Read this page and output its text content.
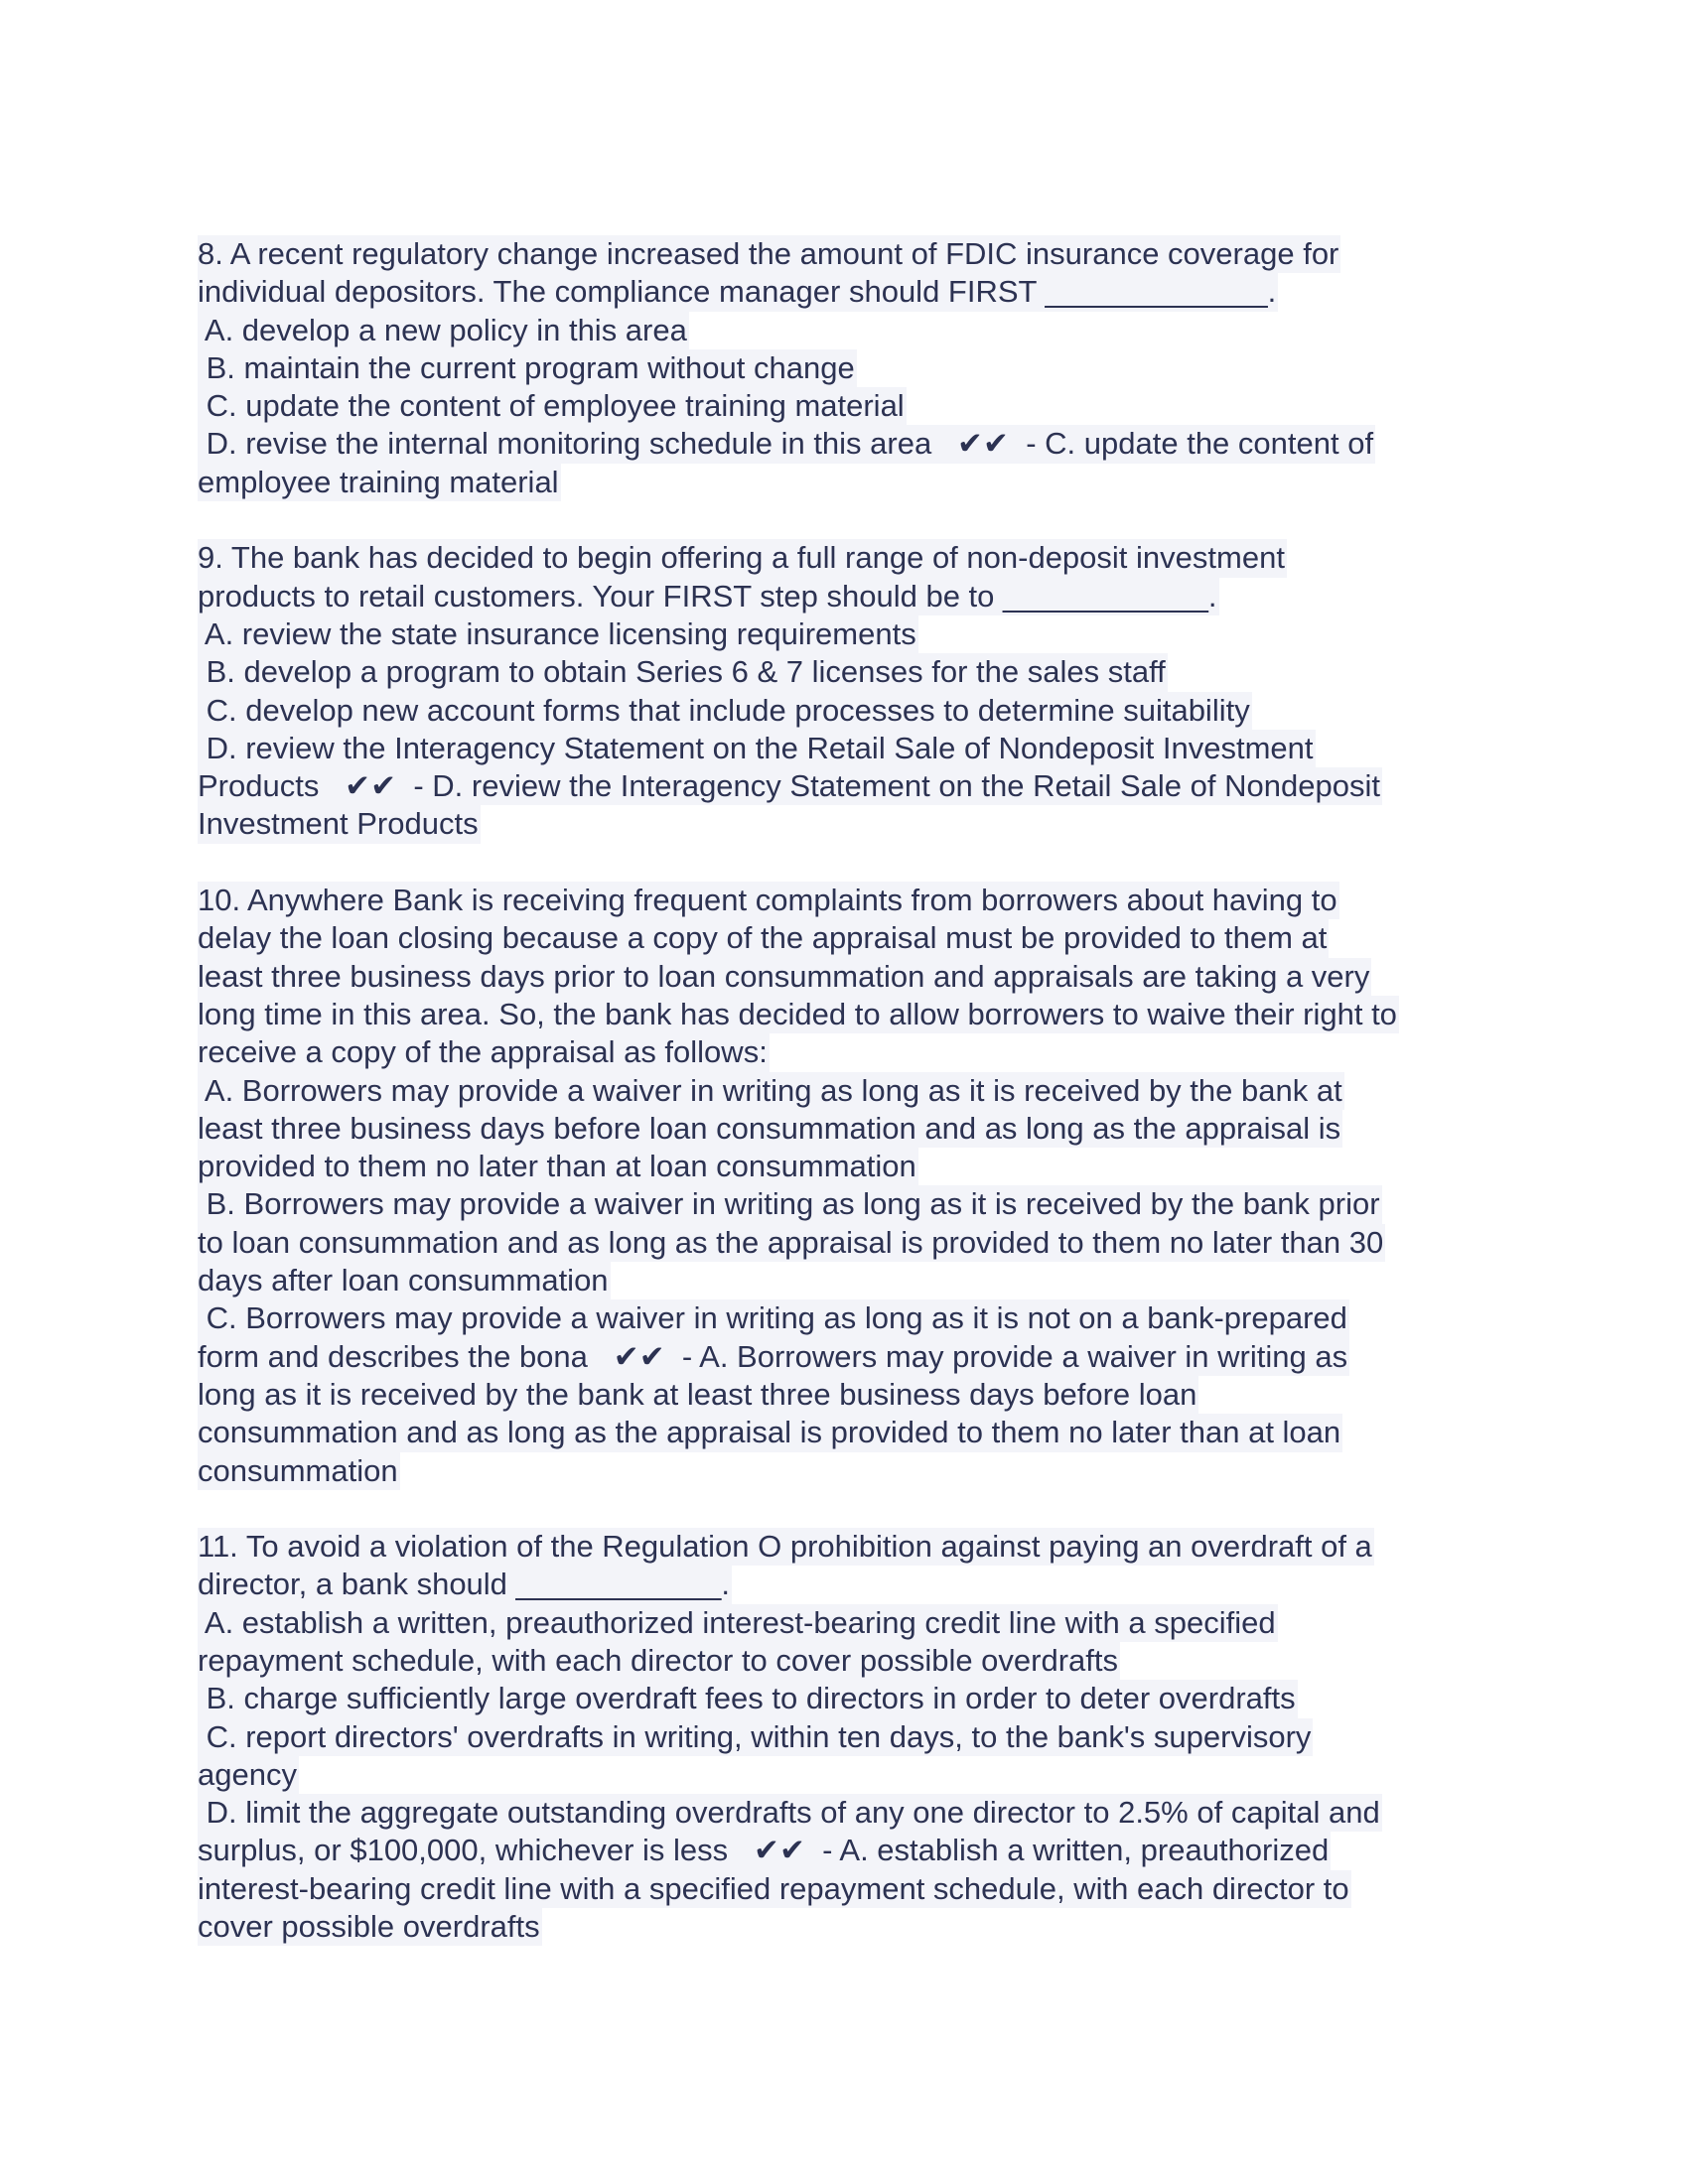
8. A recent regulatory change increased the amount of FDIC insurance coverage for
individual depositors. The compliance manager should FIRST _____________.
A. develop a new policy in this area
B. maintain the current program without change
C. update the content of employee training material
D. revise the internal monitoring schedule in this area   ✔✔  - C. update the content of
employee training material
9. The bank has decided to begin offering a full range of non-deposit investment
products to retail customers. Your FIRST step should be to ____________.
A. review the state insurance licensing requirements
B. develop a program to obtain Series 6 & 7 licenses for the sales staff
C. develop new account forms that include processes to determine suitability
D. review the Interagency Statement on the Retail Sale of Nondeposit Investment
Products   ✔✔  - D. review the Interagency Statement on the Retail Sale of Nondeposit
Investment Products
10. Anywhere Bank is receiving frequent complaints from borrowers about having to
delay the loan closing because a copy of the appraisal must be provided to them at
least three business days prior to loan consummation and appraisals are taking a very
long time in this area. So, the bank has decided to allow borrowers to waive their right to
receive a copy of the appraisal as follows:
A. Borrowers may provide a waiver in writing as long as it is received by the bank at
least three business days before loan consummation and as long as the appraisal is
provided to them no later than at loan consummation
B. Borrowers may provide a waiver in writing as long as it is received by the bank prior
to loan consummation and as long as the appraisal is provided to them no later than 30
days after loan consummation
C. Borrowers may provide a waiver in writing as long as it is not on a bank-prepared
form and describes the bona   ✔✔  - A. Borrowers may provide a waiver in writing as
long as it is received by the bank at least three business days before loan
consummation and as long as the appraisal is provided to them no later than at loan
consummation
11. To avoid a violation of the Regulation O prohibition against paying an overdraft of a
director, a bank should ____________.
A. establish a written, preauthorized interest-bearing credit line with a specified
repayment schedule, with each director to cover possible overdrafts
B. charge sufficiently large overdraft fees to directors in order to deter overdrafts
C. report directors' overdrafts in writing, within ten days, to the bank's supervisory
agency
D. limit the aggregate outstanding overdrafts of any one director to 2.5% of capital and
surplus, or $100,000, whichever is less   ✔✔  - A. establish a written, preauthorized
interest-bearing credit line with a specified repayment schedule, with each director to
cover possible overdrafts
